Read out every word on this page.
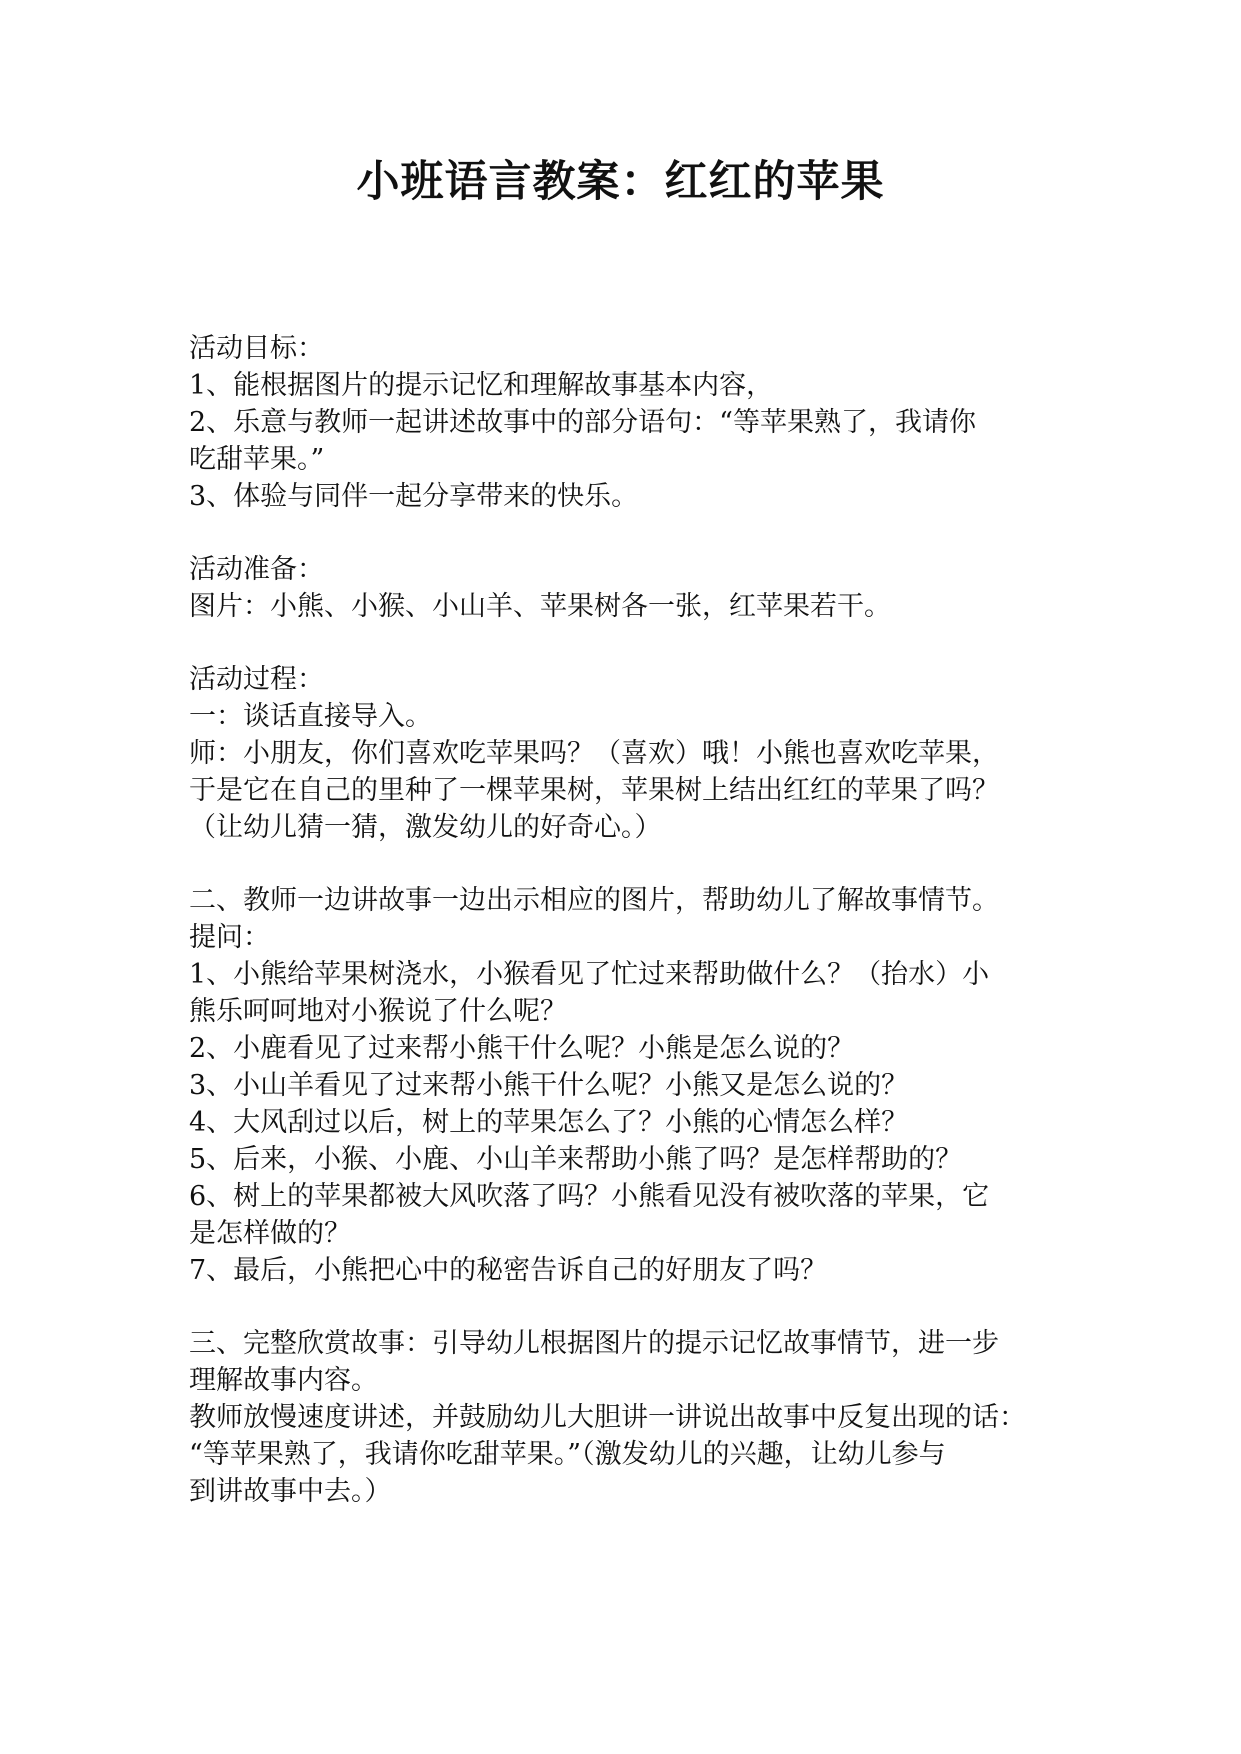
小班语言教案：红红的苹果
活动目标：
1、能根据图片的提示记忆和理解故事基本内容，
2、乐意与教师一起讲述故事中的部分语句：“等苹果熟了，我请你
吃甜苹果。”
3、体验与同伴一起分享带来的快乐。
活动准备：
图片：小熊、小猴、小山羊、苹果树各一张，红苹果若干。
活动过程：
一：谈话直接导入。
师：小朋友，你们喜欢吃苹果吗？（喜欢）哦！小熊也喜欢吃苹果，
于是它在自己的里种了一棵苹果树，苹果树上结出红红的苹果了吗？
（让幼儿猜一猜，激发幼儿的好奇心。）
二、教师一边讲故事一边出示相应的图片，帮助幼儿了解故事情节。
提问：
1、小熊给苹果树浇水，小猴看见了忙过来帮助做什么？（抬水）小
熊乐呵呵地对小猴说了什么呢？
2、小鹿看见了过来帮小熊干什么呢？小熊是怎么说的？
3、小山羊看见了过来帮小熊干什么呢？小熊又是怎么说的？
4、大风刮过以后，树上的苹果怎么了？小熊的心情怎么样？
5、后来，小猴、小鹿、小山羊来帮助小熊了吗？是怎样帮助的？
6、树上的苹果都被大风吹落了吗？小熊看见没有被吹落的苹果，它
是怎样做的？
7、最后，小熊把心中的秘密告诉自己的好朋友了吗？
三、完整欣赏故事：引导幼儿根据图片的提示记忆故事情节，进一步
理解故事内容。
教师放慢速度讲述，并鼓励幼儿大胆讲一讲说出故事中反复出现的话：
“等苹果熟了，我请你吃甜苹果。”（激发幼儿的兴趣，让幼儿参与
到讲故事中去。）
